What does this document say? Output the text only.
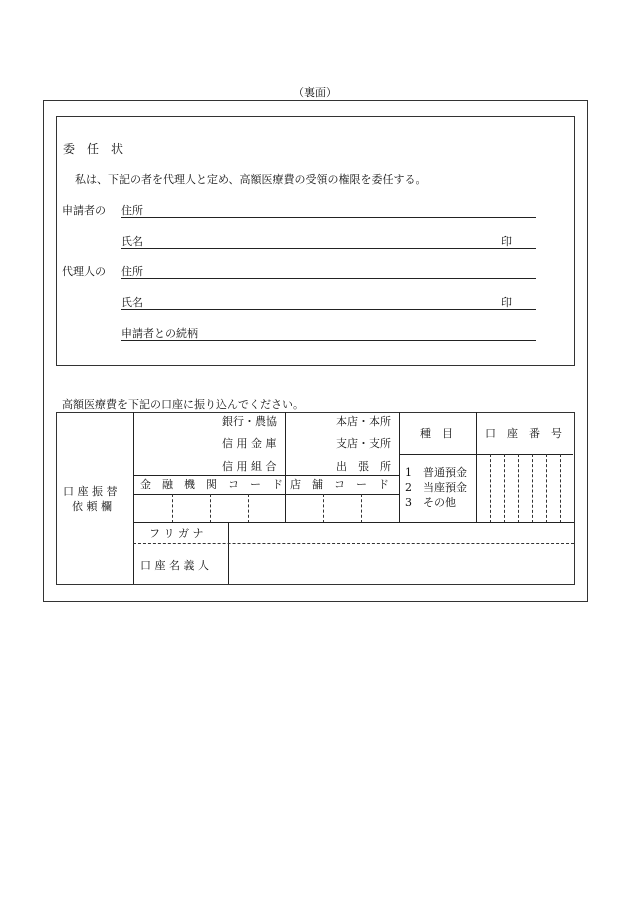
（裏面）
委　任　状
私は、下記の者を代理人と定め、高額医療費の受領の権限を委任する。
申請者の 住所
氏名	印
代理人の 住所
氏名	印
申請者との続柄
高額医療費を下記の口座に振り込んでください。
口 座 振 替
依 頼 欄
銀行・農協
信 用 金 庫
信 用 組 合
本店・本所
支店・支所
出　張　所
金　融　機　関　コ　ー　ド 店　舗　コ　ー　ド
種　目
1　普通預金
2　当座預金
3　その他
口　座　番　号
フ リ ガ ナ
口 座 名 義 人
